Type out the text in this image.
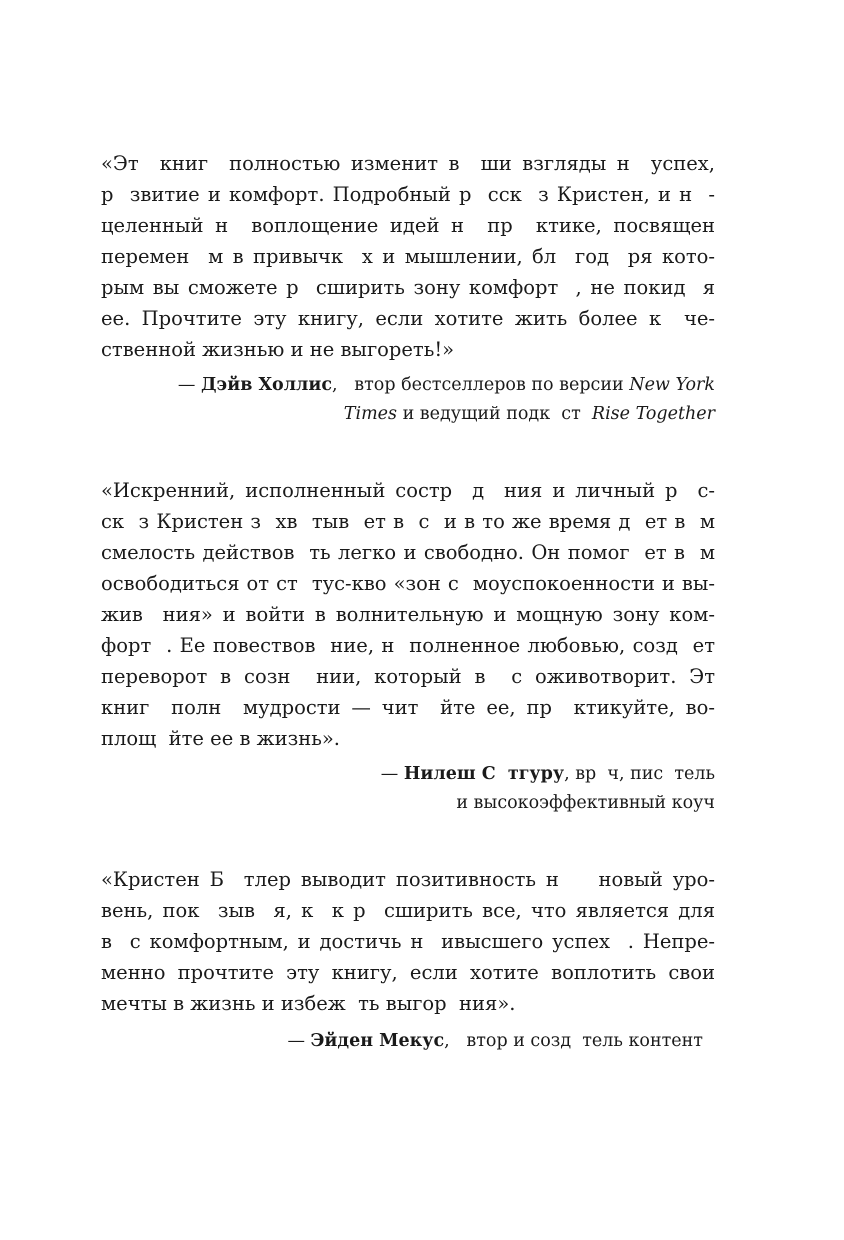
«Эт  книг  полностью изменит в  ши взгляды н  успех,
р  звитие и комфорт. Подробный р  сск  з Кристен, и н  -
целенный н  воплощение идей н  пр  ктике, посвящен
перемен  м в привычк  х и мышлении, бл  год  ря кото-
рым вы сможете р  сширить зону комфорт  , не покид  я
ее. Прочтите эту книгу, если хотите жить более к  че-
ственной жизнью и не выгореть!»
— Дэйв Холлис,   втор бестселлеров по версии New York
Times и ведущий подк  ст  Rise Together
«Искренний, исполненный состр  д  ния и личный р  с-
ск  з Кристен з  хв  тыв  ет в  с  и в то же время д  ет в  м
смелость действов  ть легко и свободно. Он помог  ет в  м
освободиться от ст  тус-кво «зон с  моуспокоенности и вы-
жив  ния» и войти в волнительную и мощную зону ком-
форт  . Ее повествов  ние, н  полненное любовью, созд  ет
переворот в созн  нии, который в  с оживотворит. Эт
книг  полн  мудрости — чит  йте ее, пр  ктикуйте, во-
площ  йте ее в жизнь».
— Нилеш С  тгуру, вр  ч, пис  тель
и высокоэффективный коуч
«Кристен Б  тлер выводит позитивность н    новый уро-
вень, пок  зыв  я, к  к р  сширить все, что является для
в  с комфортным, и достичь н  ивысшего успех  . Непре-
менно прочтите эту книгу, если хотите воплотить свои
мечты в жизнь и избеж  ть выгор  ния».
— Эйден Мекус,   втор и созд  тель контент
